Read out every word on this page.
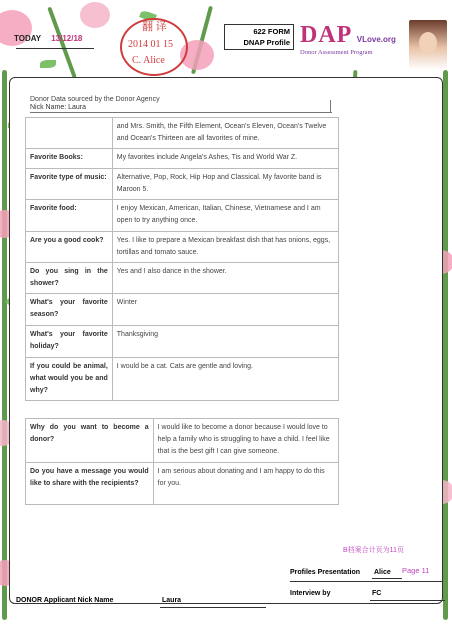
TODAY 13/12/18
翻 译
2014 01 15
C. Alice
622 FORM
DNAP Profile DAP VLove.org
Donor Assessment Program
Donor Data sourced by the Donor Agency
Nick Name: Laura
	and Mrs. Smith, the Fifth Element, Ocean's Eleven, Ocean's Twelve and Ocean's Thirteen are all favorites of mine.
Favorite Books:	My favorites include Angela's Ashes, Tis and World War Z.
Favorite type of music:	Alternative, Pop, Rock, Hip Hop and Classical. My favorite band is Maroon 5.
Favorite food:	I enjoy Mexican, American, Italian, Chinese, Vietnamese and I am open to try anything once.
Are you a good cook?	Yes. I like to prepare a Mexican breakfast dish that has onions, eggs, tortillas and tomato sauce.
Do you sing in the shower?	Yes and I also dance in the shower.
What's your favorite season?	Winter
What's your favorite holiday?	Thanksgiving
If you could be animal, what would you be and why?	I would be a cat. Cats are gentle and loving.
Why do you want to become a donor?	I would like to become a donor because I would love to help a family who is struggling to have a child. I feel like that is the best gift I can give someone.
Do you have a message you would like to share with the recipients?	I am serious about donating and I am happy to do this for you.
B档案合计页为11页
Profiles Presentation Alice Page 11
Interview by	FC
DONOR Applicant Nick Name	Laura
